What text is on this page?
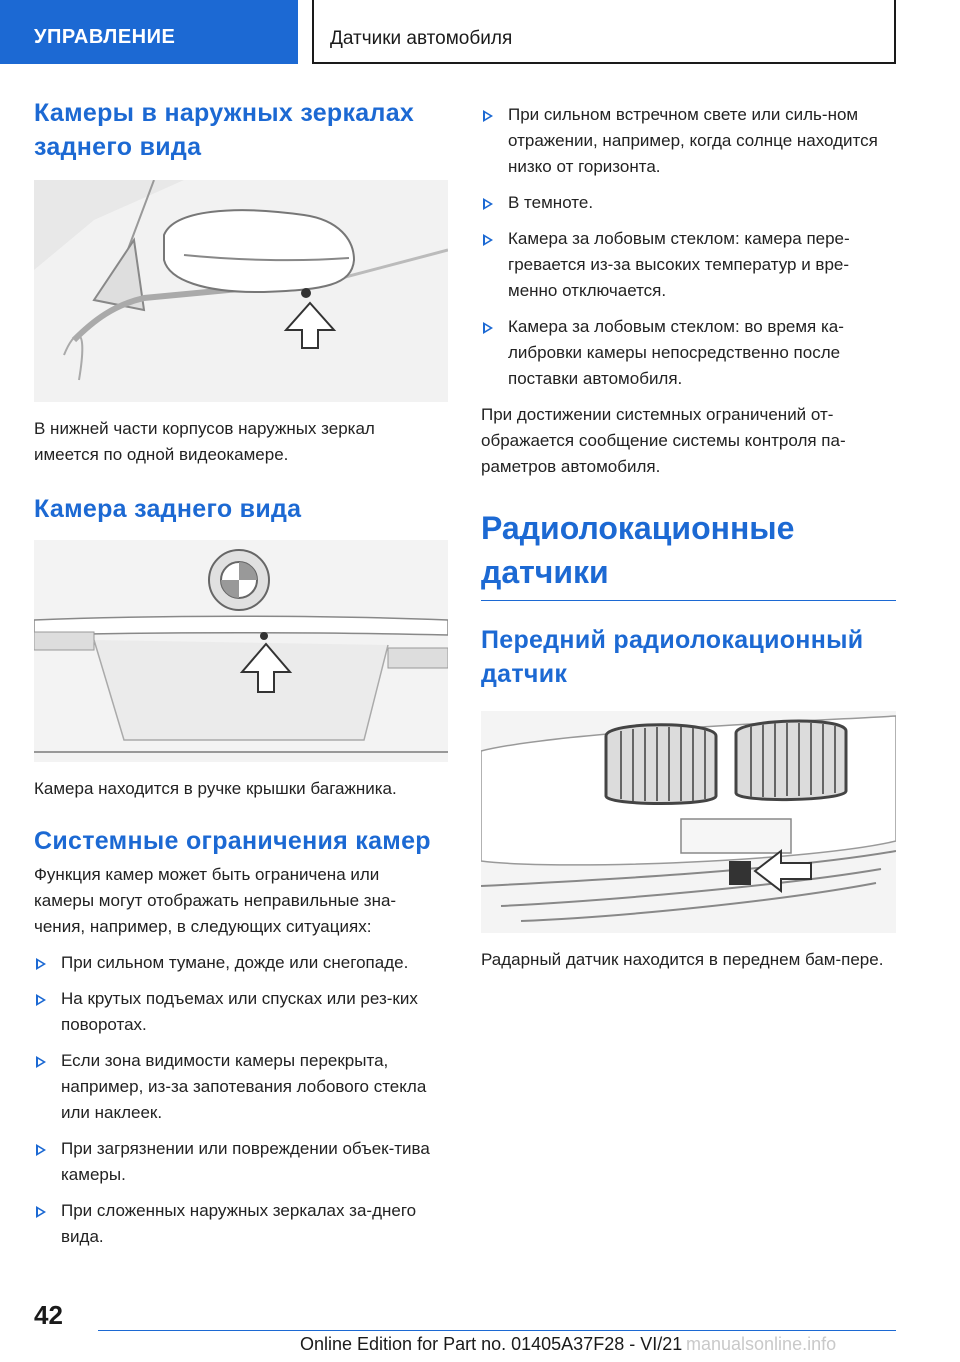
УПРАВЛЕНИЕ	Датчики автомобиля
Камеры в наружных зеркалах заднего вида

В нижней части корпусов наружных зеркал имеется по одной видеокамере.

Камера заднего вида

Камера находится в ручке крышки багажника.

Системные ограничения камер

Функция камер может быть ограничена или камеры могут отображать неправильные зна-чения, например, в следующих ситуациях:

При сильном тумане, дожде или снегопаде.
На крутых подъемах или спусках или рез-ких поворотах.
Если зона видимости камеры перекрыта, например, из-за запотевания лобового стекла или наклеек.
При загрязнении или повреждении объек-тива камеры.
При сложенных наружных зеркалах за-днего вида.
При сильном встречном свете или силь-ном отражении, например, когда солнце находится низко от горизонта.
В темноте.
Камера за лобовым стеклом: камера пере-гревается из-за высоких температур и вре-менно отключается.
Камера за лобовым стеклом: во время ка-либровки камеры непосредственно после поставки автомобиля.

При достижении системных ограничений от-ображается сообщение системы контроля па-раметров автомобиля.

Радиолокационные датчики
Передний радиолокационный датчик

Радарный датчик находится в переднем бам-пере.

42
Online Edition for Part no. 01405A37F28 - VI/21 manualsonline.info
